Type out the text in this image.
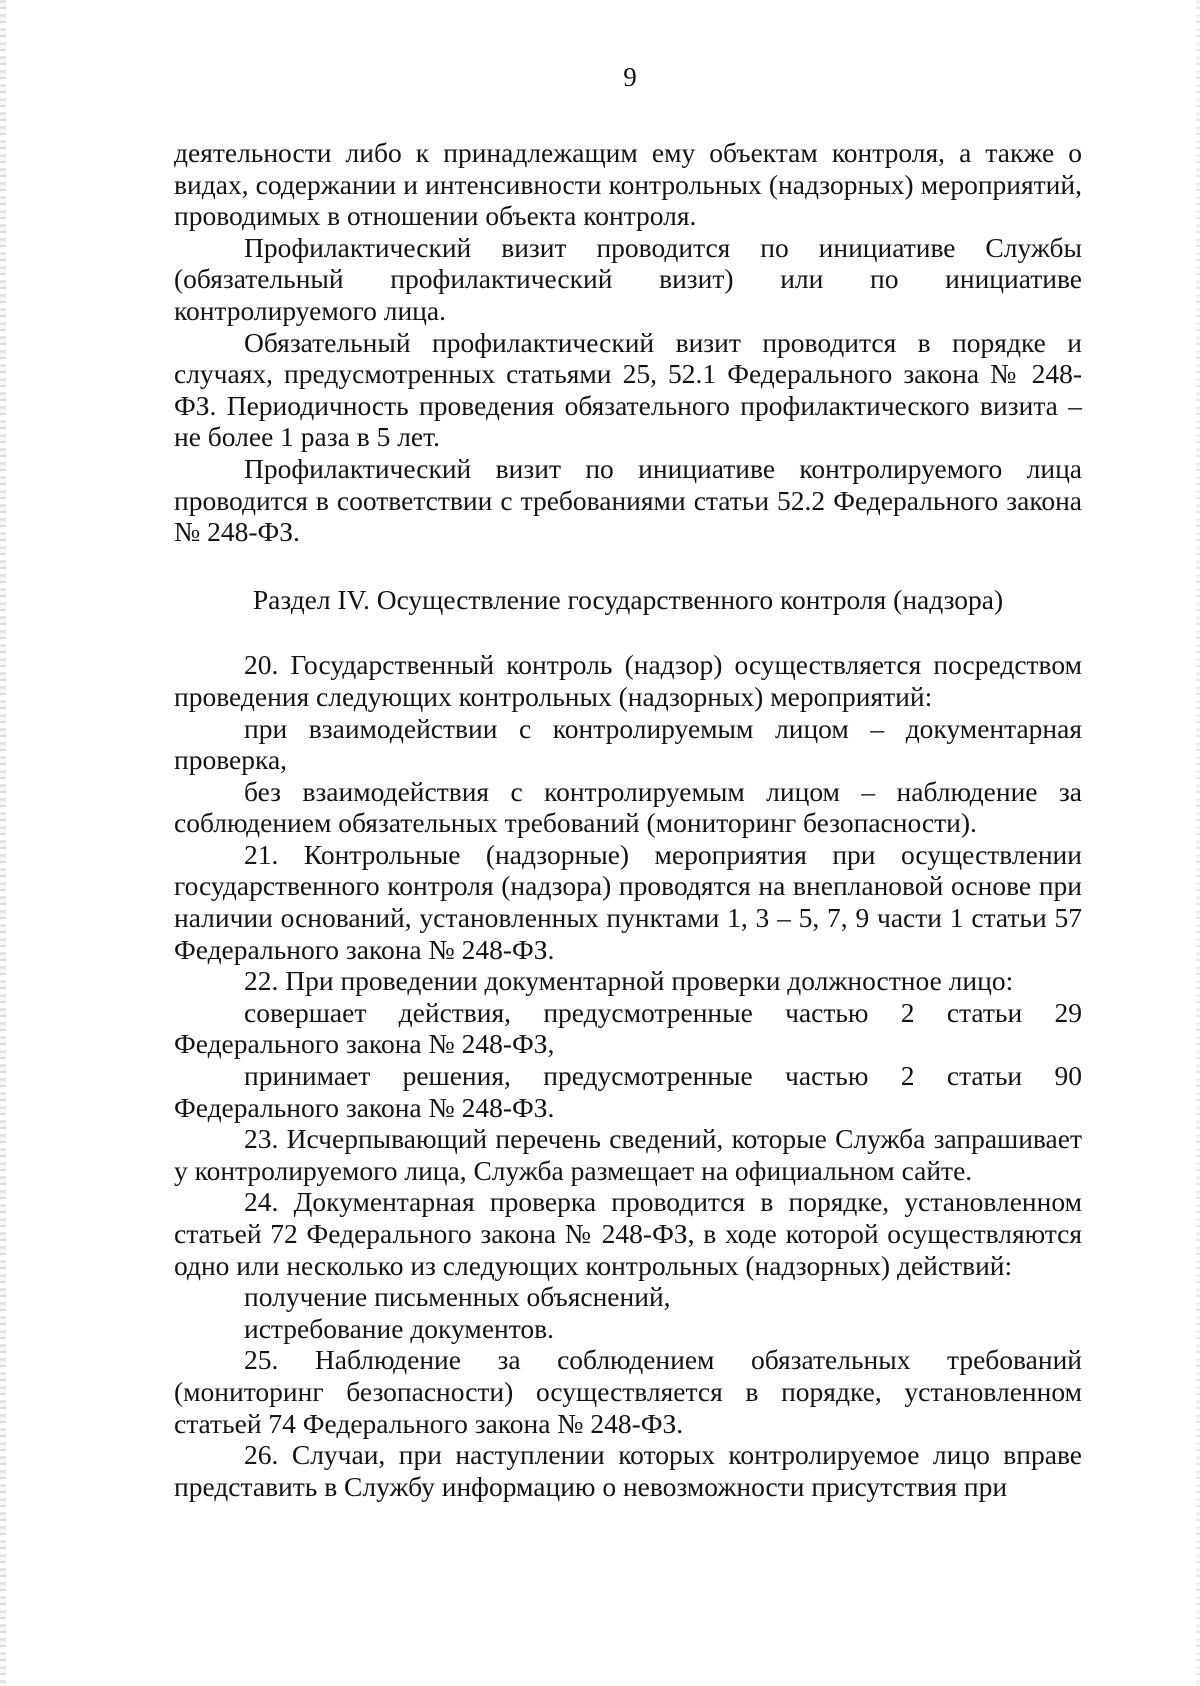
9

деятельности либо к принадлежащим ему объектам контроля, а также о видах, содержании и интенсивности контрольных (надзорных) мероприятий, проводимых в отношении объекта контроля.

Профилактический визит проводится по инициативе Службы (обязательный профилактический визит) или по инициативе контролируемого лица.

Обязательный профилактический визит проводится в порядке и случаях, предусмотренных статьями 25, 52.1 Федерального закона № 248-ФЗ. Периодичность проведения обязательного профилактического визита – не более 1 раза в 5 лет.

Профилактический визит по инициативе контролируемого лица проводится в соответствии с требованиями статьи 52.2 Федерального закона № 248-ФЗ.

Раздел IV. Осуществление государственного контроля (надзора)

20. Государственный контроль (надзор) осуществляется посредством проведения следующих контрольных (надзорных) мероприятий:

при взаимодействии с контролируемым лицом – документарная проверка,

без взаимодействия с контролируемым лицом – наблюдение за соблюдением обязательных требований (мониторинг безопасности).

21. Контрольные (надзорные) мероприятия при осуществлении государственного контроля (надзора) проводятся на внеплановой основе при наличии оснований, установленных пунктами 1, 3 – 5, 7, 9 части 1 статьи 57 Федерального закона № 248-ФЗ.

22. При проведении документарной проверки должностное лицо:

совершает действия, предусмотренные частью 2 статьи 29 Федерального закона № 248-ФЗ,

принимает решения, предусмотренные частью 2 статьи 90 Федерального закона № 248-ФЗ.

23. Исчерпывающий перечень сведений, которые Служба запрашивает у контролируемого лица, Служба размещает на официальном сайте.

24. Документарная проверка проводится в порядке, установленном статьей 72 Федерального закона № 248-ФЗ, в ходе которой осуществляются одно или несколько из следующих контрольных (надзорных) действий:

получение письменных объяснений,

истребование документов.

25. Наблюдение за соблюдением обязательных требований (мониторинг безопасности) осуществляется в порядке, установленном статьей 74 Федерального закона № 248-ФЗ.

26. Случаи, при наступлении которых контролируемое лицо вправе представить в Службу информацию о невозможности присутствия при
